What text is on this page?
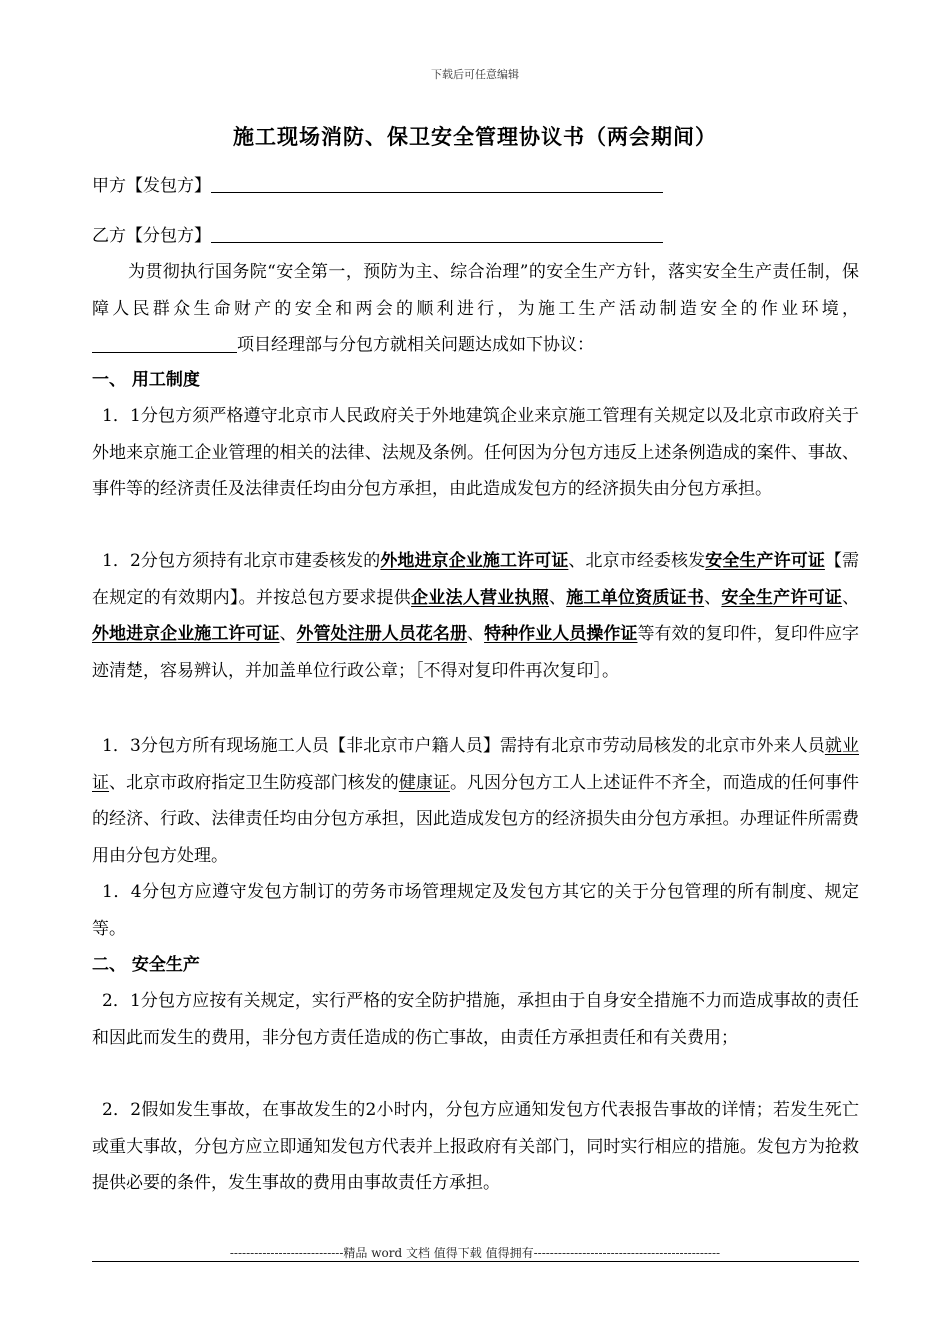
下载后可任意编辑
施工现场消防、保卫安全管理协议书（两会期间）
甲方【发包方】
乙方【分包方】
为贯彻执行国务院“安全第一，预防为主、综合治理”的安全生产方针，落实安全生产责任制，保障人民群众生命财产的安全和两会的顺利进行，为施工生产活动制造安全的作业环境，项目经理部与分包方就相关问题达成如下协议：
一、 用工制度
1．1分包方须严格遵守北京市人民政府关于外地建筑企业来京施工管理有关规定以及北京市政府关于外地来京施工企业管理的相关的法律、法规及条例。任何因为分包方违反上述条例造成的案件、事故、事件等的经济责任及法律责任均由分包方承担，由此造成发包方的经济损失由分包方承担。
1．2分包方须持有北京市建委核发的外地进京企业施工许可证、北京市经委核发安全生产许可证【需在规定的有效期内】。并按总包方要求提供企业法人营业执照、施工单位资质证书、安全生产许可证、外地进京企业施工许可证、外管处注册人员花名册、特种作业人员操作证等有效的复印件，复印件应字迹清楚，容易辨认，并加盖单位行政公章；［不得对复印件再次复印］。
1．3分包方所有现场施工人员【非北京市户籍人员】需持有北京市劳动局核发的北京市外来人员就业证、北京市政府指定卫生防疫部门核发的健康证。凡因分包方工人上述证件不齐全，而造成的任何事件的经济、行政、法律责任均由分包方承担，因此造成发包方的经济损失由分包方承担。办理证件所需费用由分包方处理。
1．4分包方应遵守发包方制订的劳务市场管理规定及发包方其它的关于分包管理的所有制度、规定等。
二、 安全生产
2．1分包方应按有关规定，实行严格的安全防护措施，承担由于自身安全措施不力而造成事故的责任和因此而发生的费用，非分包方责任造成的伤亡事故，由责任方承担责任和有关费用；
2．2假如发生事故，在事故发生的2小时内，分包方应通知发包方代表报告事故的详情；若发生死亡或重大事故，分包方应立即通知发包方代表并上报政府有关部门，同时实行相应的措施。发包方为抢救提供必要的条件，发生事故的费用由事故责任方承担。
----------------------------精品 word 文档 值得下载 值得拥有----------------------------------------------
